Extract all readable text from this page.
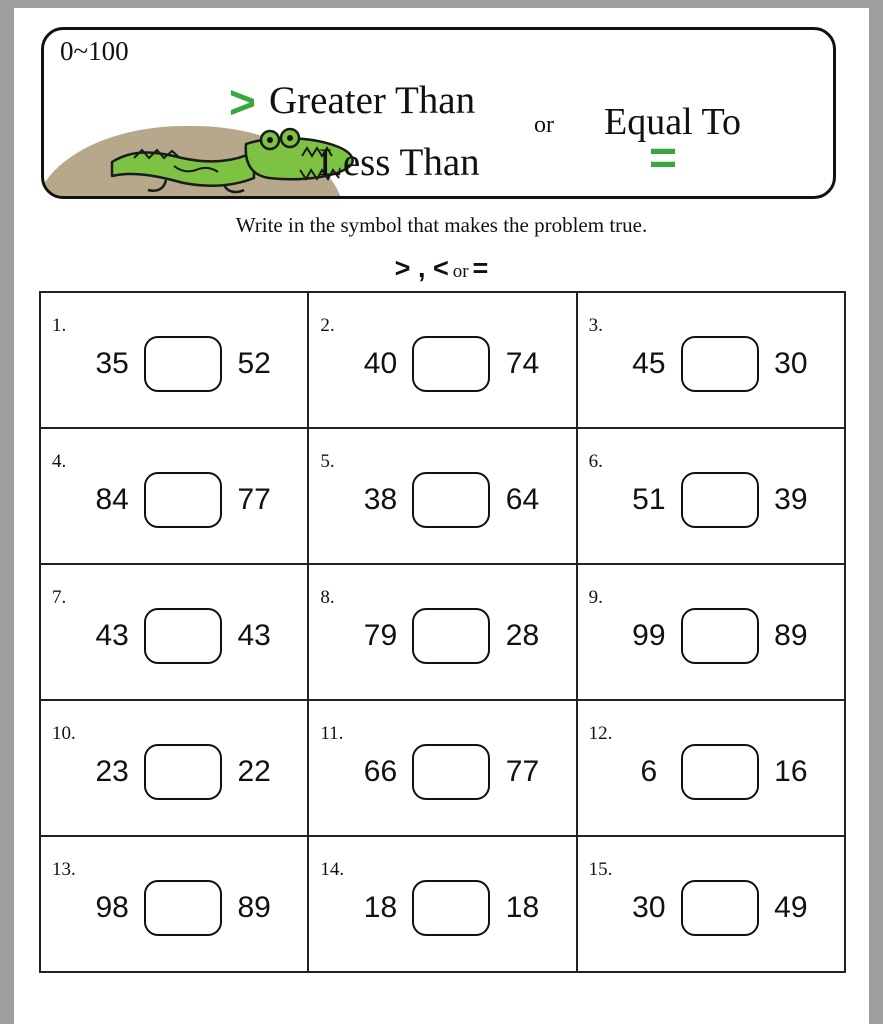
0~100
> Greater Than
Less Than
or Equal To
=
Write in the symbol that makes the problem true.
> , < or =
1.
35	52
2.
40	74
3.
45	30
4.
84	77
5.
38	64
6.
51	39
7.
43	43
8.
79	28
9.
99	89
10.
23	22
11.
66	77
12.
6	16
13.
98	89
14.
18	18
15.
30	49
